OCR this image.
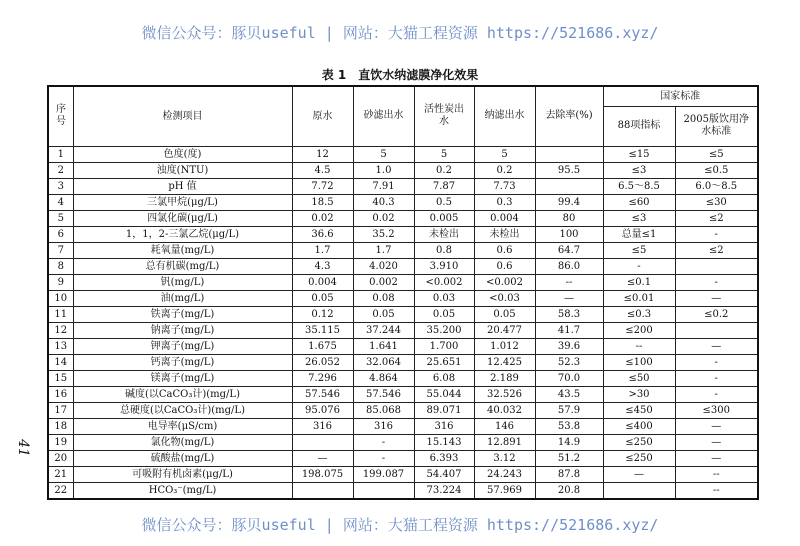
微信公众号：豚贝useful | 网站：大猫工程资源 https://521686.xyz/
表 1　直饮水纳滤膜净化效果
序号	检测项目	原水	砂滤出水	活性炭出水	纳滤出水	去除率(%)	国家标准	
							88项指标	2005版饮用净水标准
1	色度(度)	12	5	5	5		≤15	≤5
2	浊度(NTU)	4.5	1.0	0.2	0.2	95.5	≤3	≤0.5
3	pH 值	7.72	7.91	7.87	7.73		6.5～8.5	6.0～8.5
4	三氯甲烷(μg/L)	18.5	40.3	0.5	0.3	99.4	≤60	≤30
5	四氯化碳(μg/L)	0.02	0.02	0.005	0.004	80	≤3	≤2
6	1，1，2-三氯乙烷(μg/L)	36.6	35.2	未检出	未检出	100	总量≤1	-
7	耗氧量(mg/L)	1.7	1.7	0.8	0.6	64.7	≤5	≤2
8	总有机碳(mg/L)	4.3	4.020	3.910	0.6	86.0	-	
9	钒(mg/L)	0.004	0.002	<0.002	<0.002	--	≤0.1	-
10	油(mg/L)	0.05	0.08	0.03	<0.03	—	≤0.01	—
11	铁离子(mg/L)	0.12	0.05	0.05	0.05	58.3	≤0.3	≤0.2
12	钠离子(mg/L)	35.115	37.244	35.200	20.477	41.7	≤200	
13	钾离子(mg/L)	1.675	1.641	1.700	1.012	39.6	--	—
14	钙离子(mg/L)	26.052	32.064	25.651	12.425	52.3	≤100	-
15	镁离子(mg/L)	7.296	4.864	6.08	2.189	70.0	≤50	-
16	碱度(以CaCO₃计)(mg/L)	57.546	57.546	55.044	32.526	43.5	>30	-
17	总硬度(以CaCO₃计)(mg/L)	95.076	85.068	89.071	40.032	57.9	≤450	≤300
18	电导率(μS/cm)	316	316	316	146	53.8	≤400	—
19	氯化物(mg/L)		-	15.143	12.891	14.9	≤250	—
20	硫酸盐(mg/L)	—	-	6.393	3.12	51.2	≤250	—
21	可吸附有机卤素(μg/L)	198.075	199.087	54.407	24.243	87.8	—	--
22	HCO₃⁻(mg/L)			73.224	57.969	20.8		--
微信公众号：豚贝useful | 网站：大猫工程资源 https://521686.xyz/
41
